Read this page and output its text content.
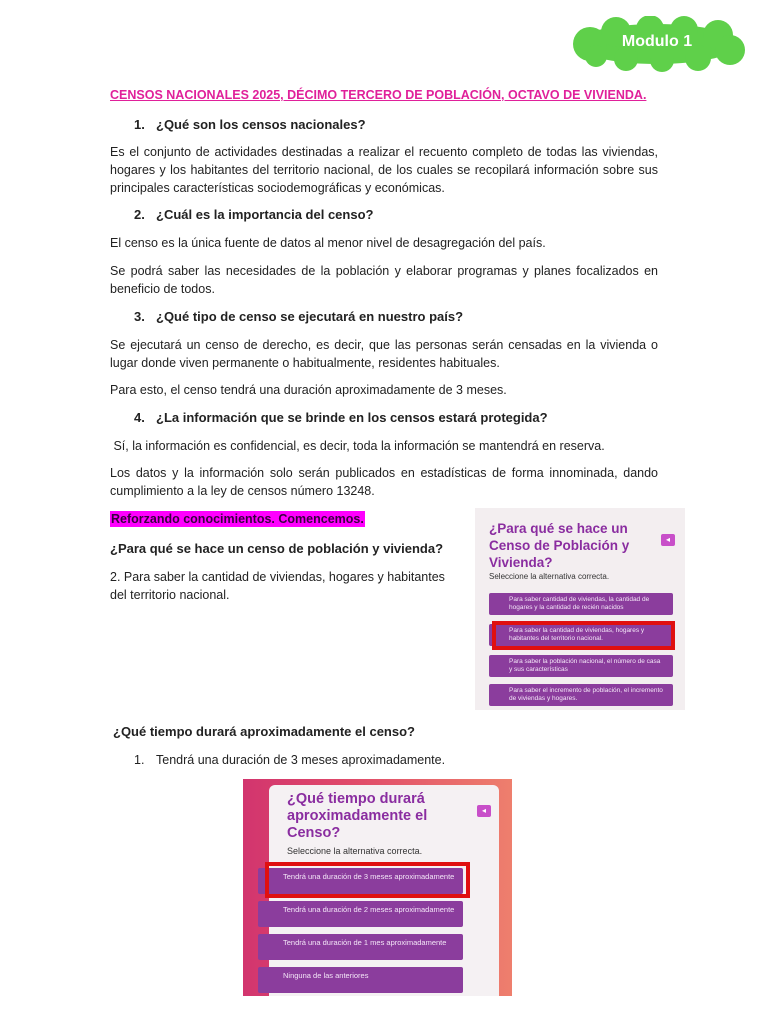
Modulo 1
CENSOS NACIONALES 2025, DÉCIMO TERCERO DE POBLACIÓN, OCTAVO DE VIVIENDA.
1. ¿Qué son los censos nacionales?
Es el conjunto de actividades destinadas a realizar el recuento completo de todas las viviendas, hogares y los habitantes del territorio nacional, de los cuales se recopilará información sobre sus principales características sociodemográficas y económicas.
2. ¿Cuál es la importancia del censo?
El censo es la única fuente de datos al menor nivel de desagregación del país.
Se podrá saber las necesidades de la población y elaborar programas y planes focalizados en beneficio de todos.
3. ¿Qué tipo de censo se ejecutará en nuestro país?
Se ejecutará un censo de derecho, es decir, que las personas serán censadas en la vivienda o lugar donde viven permanente o habitualmente, residentes habituales.
Para esto, el censo tendrá una duración aproximadamente de 3 meses.
4. ¿La información que se brinde en los censos estará protegida?
Sí, la información es confidencial, es decir, toda la información se mantendrá en reserva.
Los datos y la información solo serán publicados en estadísticas de forma innominada, dando cumplimiento a la ley de censos número 13248.
Reforzando conocimientos. Comencemos.
¿Para qué se hace un censo de población y vivienda?
2. Para saber la cantidad de viviendas, hogares y habitantes del territorio nacional.
¿Para qué se hace un Censo de Población y Vivienda?
◂
Seleccione la alternativa correcta.
Para saber cantidad de viviendas, la cantidad de hogares y la cantidad de recién nacidos
Para saber la cantidad de viviendas, hogares y habitantes del territorio nacional.
Para saber la población nacional, el número de casa y sus características
Para saber el incremento de población, el incremento de viviendas y hogares.
¿Qué tiempo durará aproximadamente el censo?
1. Tendrá una duración de 3 meses aproximadamente.
¿Qué tiempo durará aproximadamente el Censo?
◂
Seleccione la alternativa correcta.
Tendrá una duración de 3 meses aproximadamente
Tendrá una duración de 2 meses aproximadamente
Tendrá una duración de 1 mes aproximadamente
Ninguna de las anteriores
